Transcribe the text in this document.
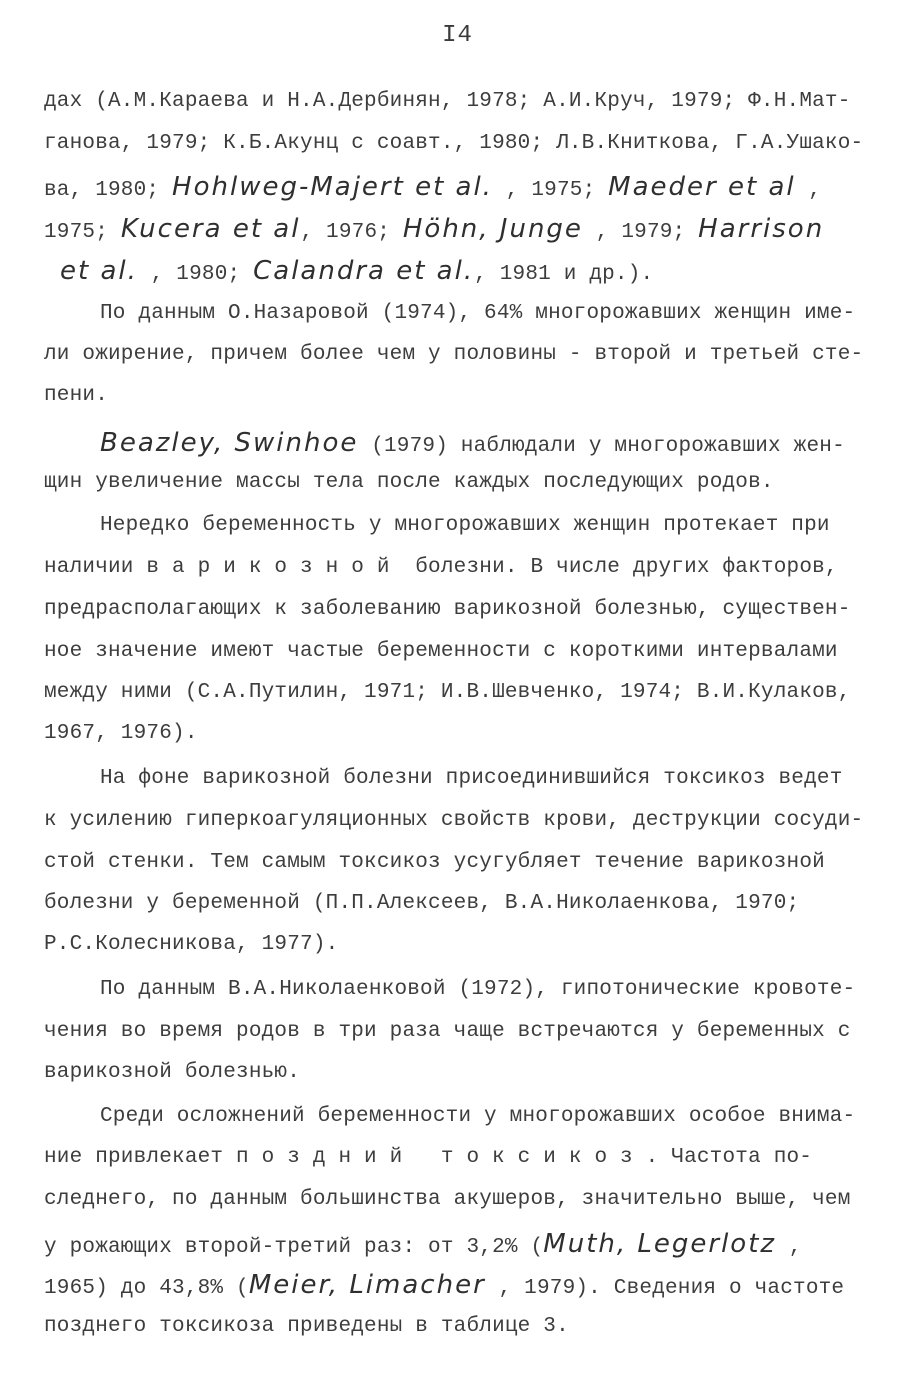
I4
дах (А.М.Караева и Н.А.Дербинян, 1978; А.И.Круч, 1979; Ф.Н.Мат-
ганова, 1979; К.Б.Акунц с соавт., 1980; Л.В.Книткова, Г.А.Ушако-
ва, 1980; Hohlweg-Majert et al. , 1975; Maeder et al ,
1975; Kucera et al, 1976; Höhn, Junge , 1979; Harrison
et al. , 1980; Calandra et al., 1981 и др.).
По данным О.Назаровой (1974), 64% многорожавших женщин име-
ли ожирение, причем более чем у половины - второй и третьей сте-
пени.
Beazley, Swinhoe (1979) наблюдали у многорожавших жен-
щин увеличение массы тела после каждых последующих родов.
Нередко беременность у многорожавших женщин протекает при
наличии варикозной болезни. В числе других факторов,
предрасполагающих к заболеванию варикозной болезнью, существен-
ное значение имеют частые беременности с короткими интервалами
между ними (С.А.Путилин, 1971; И.В.Шевченко, 1974; В.И.Кулаков,
1967, 1976).
На фоне варикозной болезни присоединившийся токсикоз ведет
к усилению гиперкоагуляционных свойств крови, деструкции сосуди-
стой стенки. Тем самым токсикоз усугубляет течение варикозной
болезни у беременной (П.П.Алексеев, В.А.Николаенкова, 1970;
Р.С.Колесникова, 1977).
По данным В.А.Николаенковой (1972), гипотонические кровоте-
чения во время родов в три раза чаще встречаются у беременных с
варикозной болезнью.
Среди осложнений беременности у многорожавших особое внима-
ние привлекает поздний токсикоз. Частота по-
следнего, по данным большинства акушеров, значительно выше, чем
у рожающих второй-третий раз: от 3,2% (Muth, Legerlotz ,
1965) до 43,8% (Meier, Limacher , 1979). Сведения о частоте
позднего токсикоза приведены в таблице 3.
